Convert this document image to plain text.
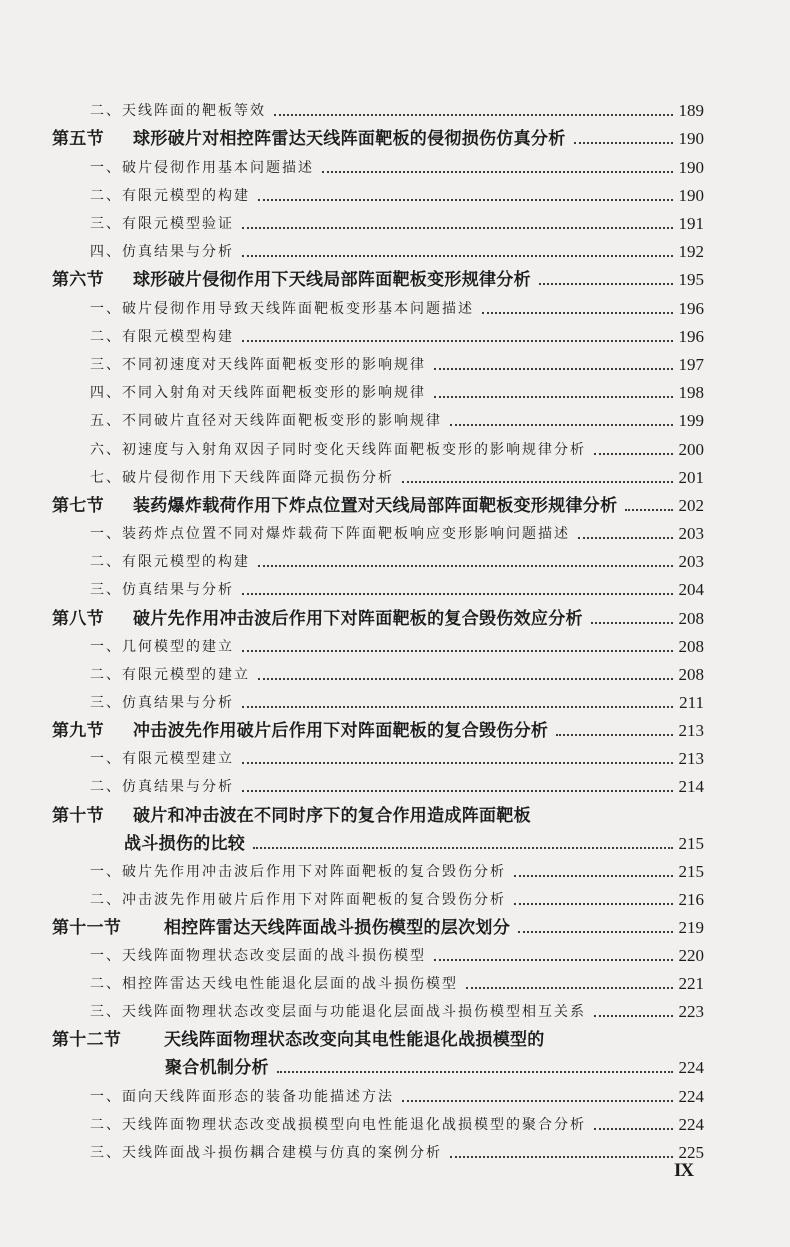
二、天线阵面的靶板等效	189
第五节 球形破片对相控阵雷达天线阵面靶板的侵彻损伤仿真分析	190
一、破片侵彻作用基本问题描述	190
二、有限元模型的构建	190
三、有限元模型验证	191
四、仿真结果与分析	192
第六节 球形破片侵彻作用下天线局部阵面靶板变形规律分析	195
一、破片侵彻作用导致天线阵面靶板变形基本问题描述	196
二、有限元模型构建	196
三、不同初速度对天线阵面靶板变形的影响规律	197
四、不同入射角对天线阵面靶板变形的影响规律	198
五、不同破片直径对天线阵面靶板变形的影响规律	199
六、初速度与入射角双因子同时变化天线阵面靶板变形的影响规律分析	200
七、破片侵彻作用下天线阵面降元损伤分析	201
第七节 装药爆炸载荷作用下炸点位置对天线局部阵面靶板变形规律分析	202
一、装药炸点位置不同对爆炸载荷下阵面靶板响应变形影响问题描述	203
二、有限元模型的构建	203
三、仿真结果与分析	204
第八节 破片先作用冲击波后作用下对阵面靶板的复合毁伤效应分析	208
一、几何模型的建立	208
二、有限元模型的建立	208
三、仿真结果与分析	211
第九节 冲击波先作用破片后作用下对阵面靶板的复合毁伤分析	213
一、有限元模型建立	213
二、仿真结果与分析	214
第十节 破片和冲击波在不同时序下的复合作用造成阵面靶板
战斗损伤的比较	215
一、破片先作用冲击波后作用下对阵面靶板的复合毁伤分析	215
二、冲击波先作用破片后作用下对阵面靶板的复合毁伤分析	216
第十一节	相控阵雷达天线阵面战斗损伤模型的层次划分	219
一、天线阵面物理状态改变层面的战斗损伤模型	220
二、相控阵雷达天线电性能退化层面的战斗损伤模型	221
三、天线阵面物理状态改变层面与功能退化层面战斗损伤模型相互关系	223
第十二节	天线阵面物理状态改变向其电性能退化战损模型的
聚合机制分析	224
一、面向天线阵面形态的装备功能描述方法	224
二、天线阵面物理状态改变战损模型向电性能退化战损模型的聚合分析	224
三、天线阵面战斗损伤耦合建模与仿真的案例分析	225
IX
